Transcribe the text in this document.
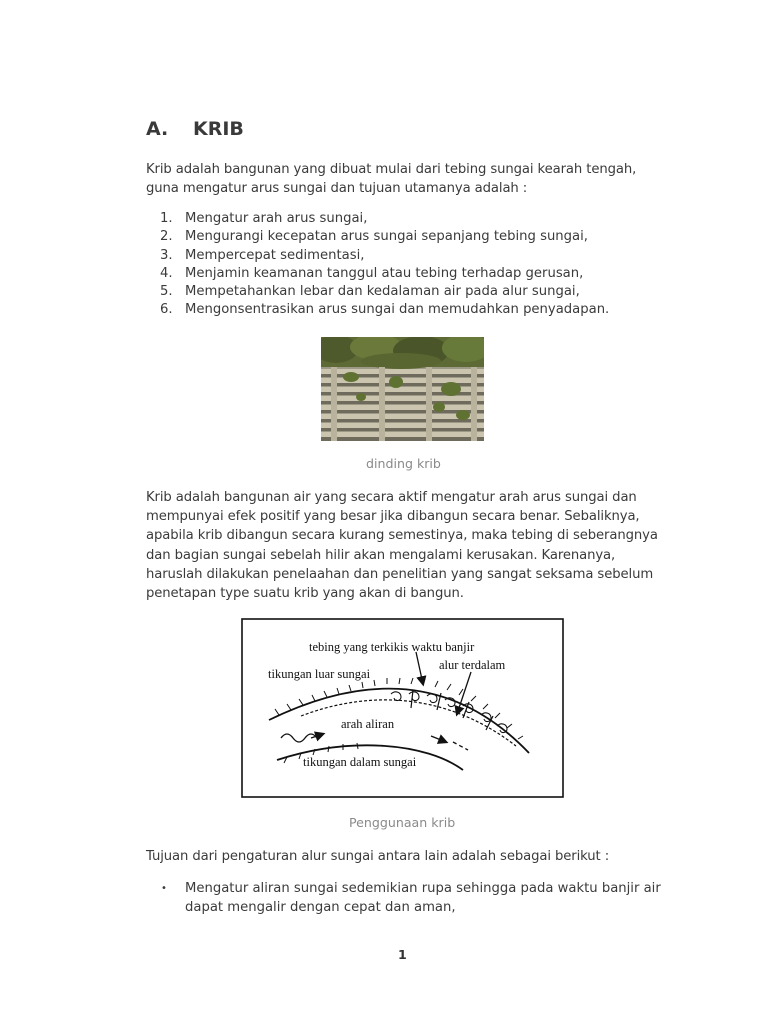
A. KRIB
Krib adalah bangunan yang dibuat mulai dari tebing sungai kearah tengah, guna mengatur arus sungai dan tujuan utamanya adalah :
1. Mengatur arah arus sungai,
2. Mengurangi kecepatan arus sungai sepanjang tebing sungai,
3. Mempercepat sedimentasi,
4. Menjamin keamanan tanggul atau tebing terhadap gerusan,
5. Mempetahankan lebar dan kedalaman air pada alur sungai,
6. Mengonsentrasikan arus sungai dan memudahkan penyadapan.
dinding krib
Krib adalah bangunan air yang secara aktif mengatur arah arus sungai dan mempunyai efek positif yang besar jika dibangun secara benar. Sebaliknya, apabila krib dibangun secara kurang semestinya, maka tebing di seberangnya dan bagian sungai sebelah hilir akan mengalami kerusakan. Karenanya, haruslah dilakukan penelaahan dan penelitian yang sangat seksama sebelum penetapan type suatu krib yang akan di bangun.
tebing yang terkikis waktu banjir
alur terdalam
tikungan luar sungai
arah aliran
tikungan dalam sungai
Penggunaan krib
Tujuan dari pengaturan alur sungai antara lain adalah sebagai berikut :
• Mengatur aliran sungai sedemikian rupa sehingga pada waktu banjir air dapat mengalir dengan cepat dan aman,
1
